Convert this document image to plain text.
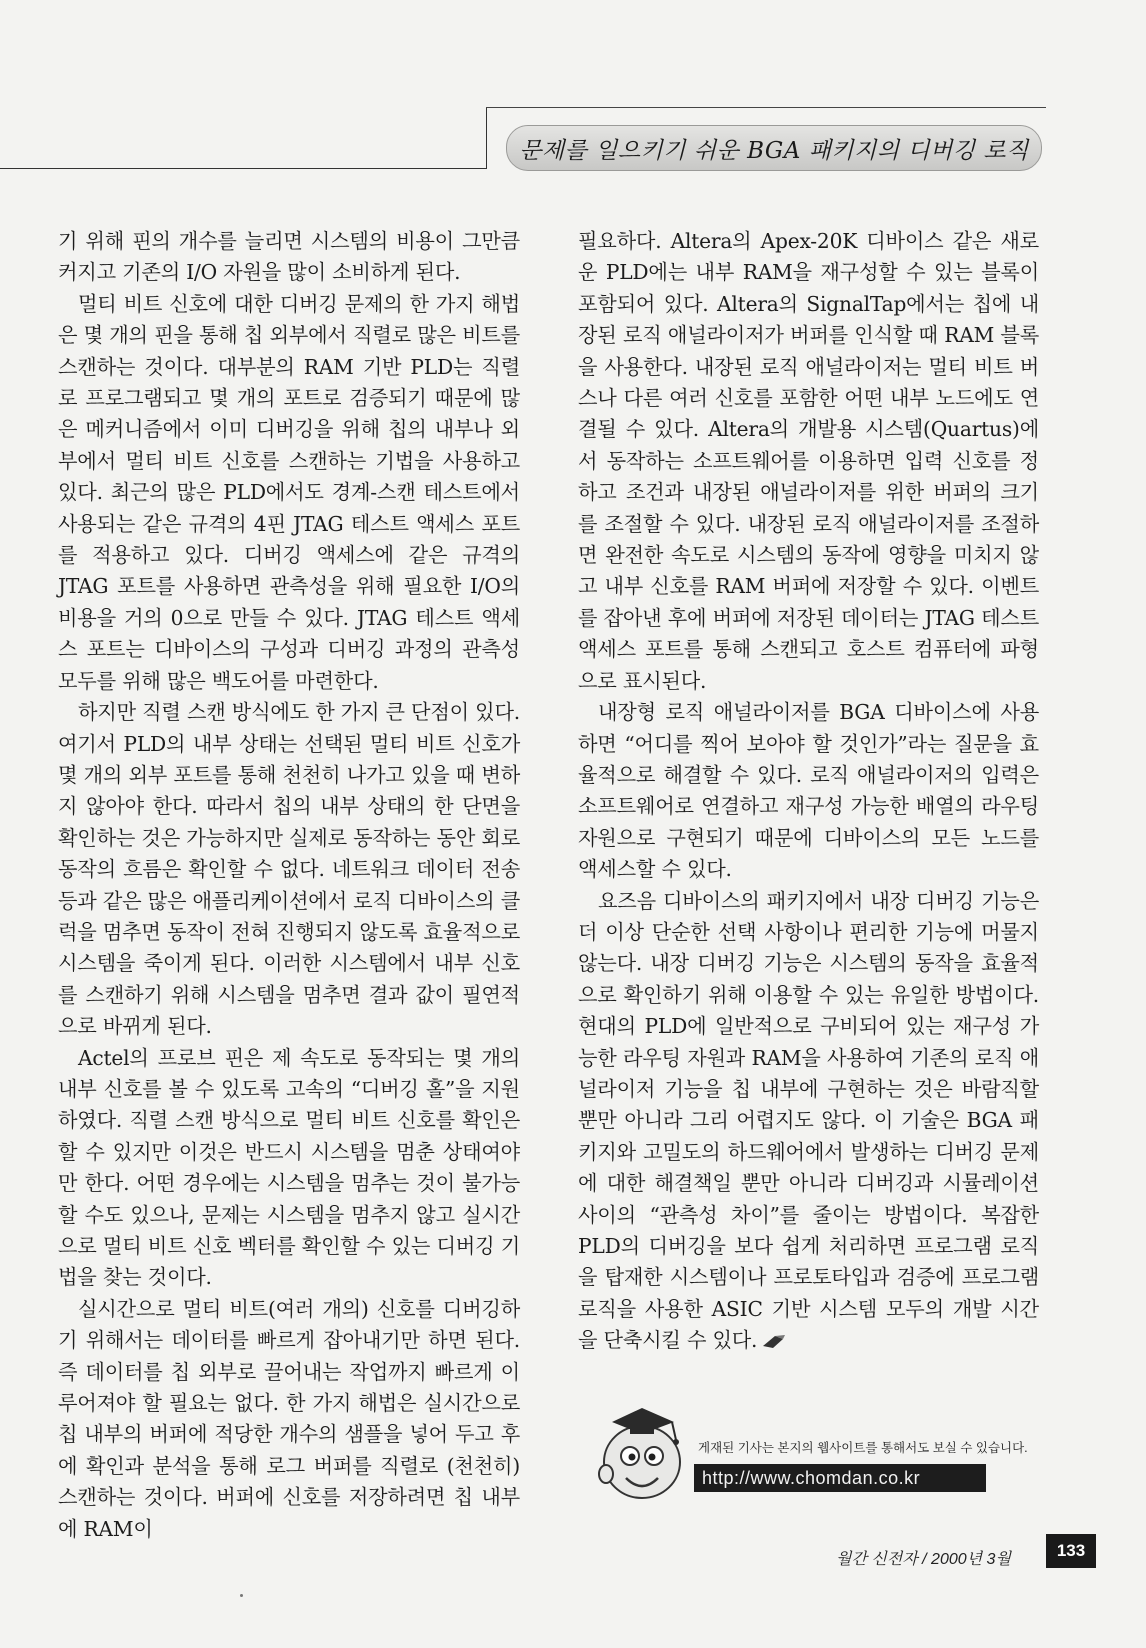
문제를 일으키기 쉬운 BGA 패키지의 디버깅 로직

기 위해 핀의 개수를 늘리면 시스템의 비용이 그만큼 커지고 기존의 I/O 자원을 많이 소비하게 된다.

멀티 비트 신호에 대한 디버깅 문제의 한 가지 해법은 몇 개의 핀을 통해 칩 외부에서 직렬로 많은 비트를 스캔하는 것이다. 대부분의 RAM 기반 PLD는 직렬로 프로그램되고 몇 개의 포트로 검증되기 때문에 많은 메커니즘에서 이미 디버깅을 위해 칩의 내부나 외부에서 멀티 비트 신호를 스캔하는 기법을 사용하고 있다. 최근의 많은 PLD에서도 경계-스캔 테스트에서 사용되는 같은 규격의 4핀 JTAG 테스트 액세스 포트를 적용하고 있다. 디버깅 액세스에 같은 규격의 JTAG 포트를 사용하면 관측성을 위해 필요한 I/O의 비용을 거의 0으로 만들 수 있다. JTAG 테스트 액세스 포트는 디바이스의 구성과 디버깅 과정의 관측성 모두를 위해 많은 백도어를 마련한다.

하지만 직렬 스캔 방식에도 한 가지 큰 단점이 있다. 여기서 PLD의 내부 상태는 선택된 멀티 비트 신호가 몇 개의 외부 포트를 통해 천천히 나가고 있을 때 변하지 않아야 한다. 따라서 칩의 내부 상태의 한 단면을 확인하는 것은 가능하지만 실제로 동작하는 동안 회로 동작의 흐름은 확인할 수 없다. 네트워크 데이터 전송 등과 같은 많은 애플리케이션에서 로직 디바이스의 클럭을 멈추면 동작이 전혀 진행되지 않도록 효율적으로 시스템을 죽이게 된다. 이러한 시스템에서 내부 신호를 스캔하기 위해 시스템을 멈추면 결과 값이 필연적으로 바뀌게 된다.

Actel의 프로브 핀은 제 속도로 동작되는 몇 개의 내부 신호를 볼 수 있도록 고속의 “디버깅 홀”을 지원하였다. 직렬 스캔 방식으로 멀티 비트 신호를 확인은 할 수 있지만 이것은 반드시 시스템을 멈춘 상태여야만 한다. 어떤 경우에는 시스템을 멈추는 것이 불가능할 수도 있으나, 문제는 시스템을 멈추지 않고 실시간으로 멀티 비트 신호 벡터를 확인할 수 있는 디버깅 기법을 찾는 것이다.

실시간으로 멀티 비트(여러 개의) 신호를 디버깅하기 위해서는 데이터를 빠르게 잡아내기만 하면 된다. 즉 데이터를 칩 외부로 끌어내는 작업까지 빠르게 이루어져야 할 필요는 없다. 한 가지 해법은 실시간으로 칩 내부의 버퍼에 적당한 개수의 샘플을 넣어 두고 후에 확인과 분석을 통해 로그 버퍼를 직렬로 (천천히) 스캔하는 것이다. 버퍼에 신호를 저장하려면 칩 내부에 RAM이

필요하다. Altera의 Apex-20K 디바이스 같은 새로운 PLD에는 내부 RAM을 재구성할 수 있는 블록이 포함되어 있다. Altera의 SignalTap에서는 칩에 내장된 로직 애널라이저가 버퍼를 인식할 때 RAM 블록을 사용한다. 내장된 로직 애널라이저는 멀티 비트 버스나 다른 여러 신호를 포함한 어떤 내부 노드에도 연결될 수 있다. Altera의 개발용 시스템(Quartus)에서 동작하는 소프트웨어를 이용하면 입력 신호를 정하고 조건과 내장된 애널라이저를 위한 버퍼의 크기를 조절할 수 있다. 내장된 로직 애널라이저를 조절하면 완전한 속도로 시스템의 동작에 영향을 미치지 않고 내부 신호를 RAM 버퍼에 저장할 수 있다. 이벤트를 잡아낸 후에 버퍼에 저장된 데이터는 JTAG 테스트 액세스 포트를 통해 스캔되고 호스트 컴퓨터에 파형으로 표시된다.

내장형 로직 애널라이저를 BGA 디바이스에 사용하면 “어디를 찍어 보아야 할 것인가”라는 질문을 효율적으로 해결할 수 있다. 로직 애널라이저의 입력은 소프트웨어로 연결하고 재구성 가능한 배열의 라우팅 자원으로 구현되기 때문에 디바이스의 모든 노드를 액세스할 수 있다.

요즈음 디바이스의 패키지에서 내장 디버깅 기능은 더 이상 단순한 선택 사항이나 편리한 기능에 머물지 않는다. 내장 디버깅 기능은 시스템의 동작을 효율적으로 확인하기 위해 이용할 수 있는 유일한 방법이다. 현대의 PLD에 일반적으로 구비되어 있는 재구성 가능한 라우팅 자원과 RAM을 사용하여 기존의 로직 애널라이저 기능을 칩 내부에 구현하는 것은 바람직할 뿐만 아니라 그리 어렵지도 않다. 이 기술은 BGA 패키지와 고밀도의 하드웨어에서 발생하는 디버깅 문제에 대한 해결책일 뿐만 아니라 디버깅과 시뮬레이션 사이의 “관측성 차이”를 줄이는 방법이다. 복잡한 PLD의 디버깅을 보다 쉽게 처리하면 프로그램 로직을 탑재한 시스템이나 프로토타입과 검증에 프로그램 로직을 사용한 ASIC 기반 시스템 모두의 개발 시간을 단축시킬 수 있다.

게재된 기사는 본지의 웹사이트를 통해서도 보실 수 있습니다.
http://www.chomdan.co.kr
월간 신전자 / 2000년 3월	133
